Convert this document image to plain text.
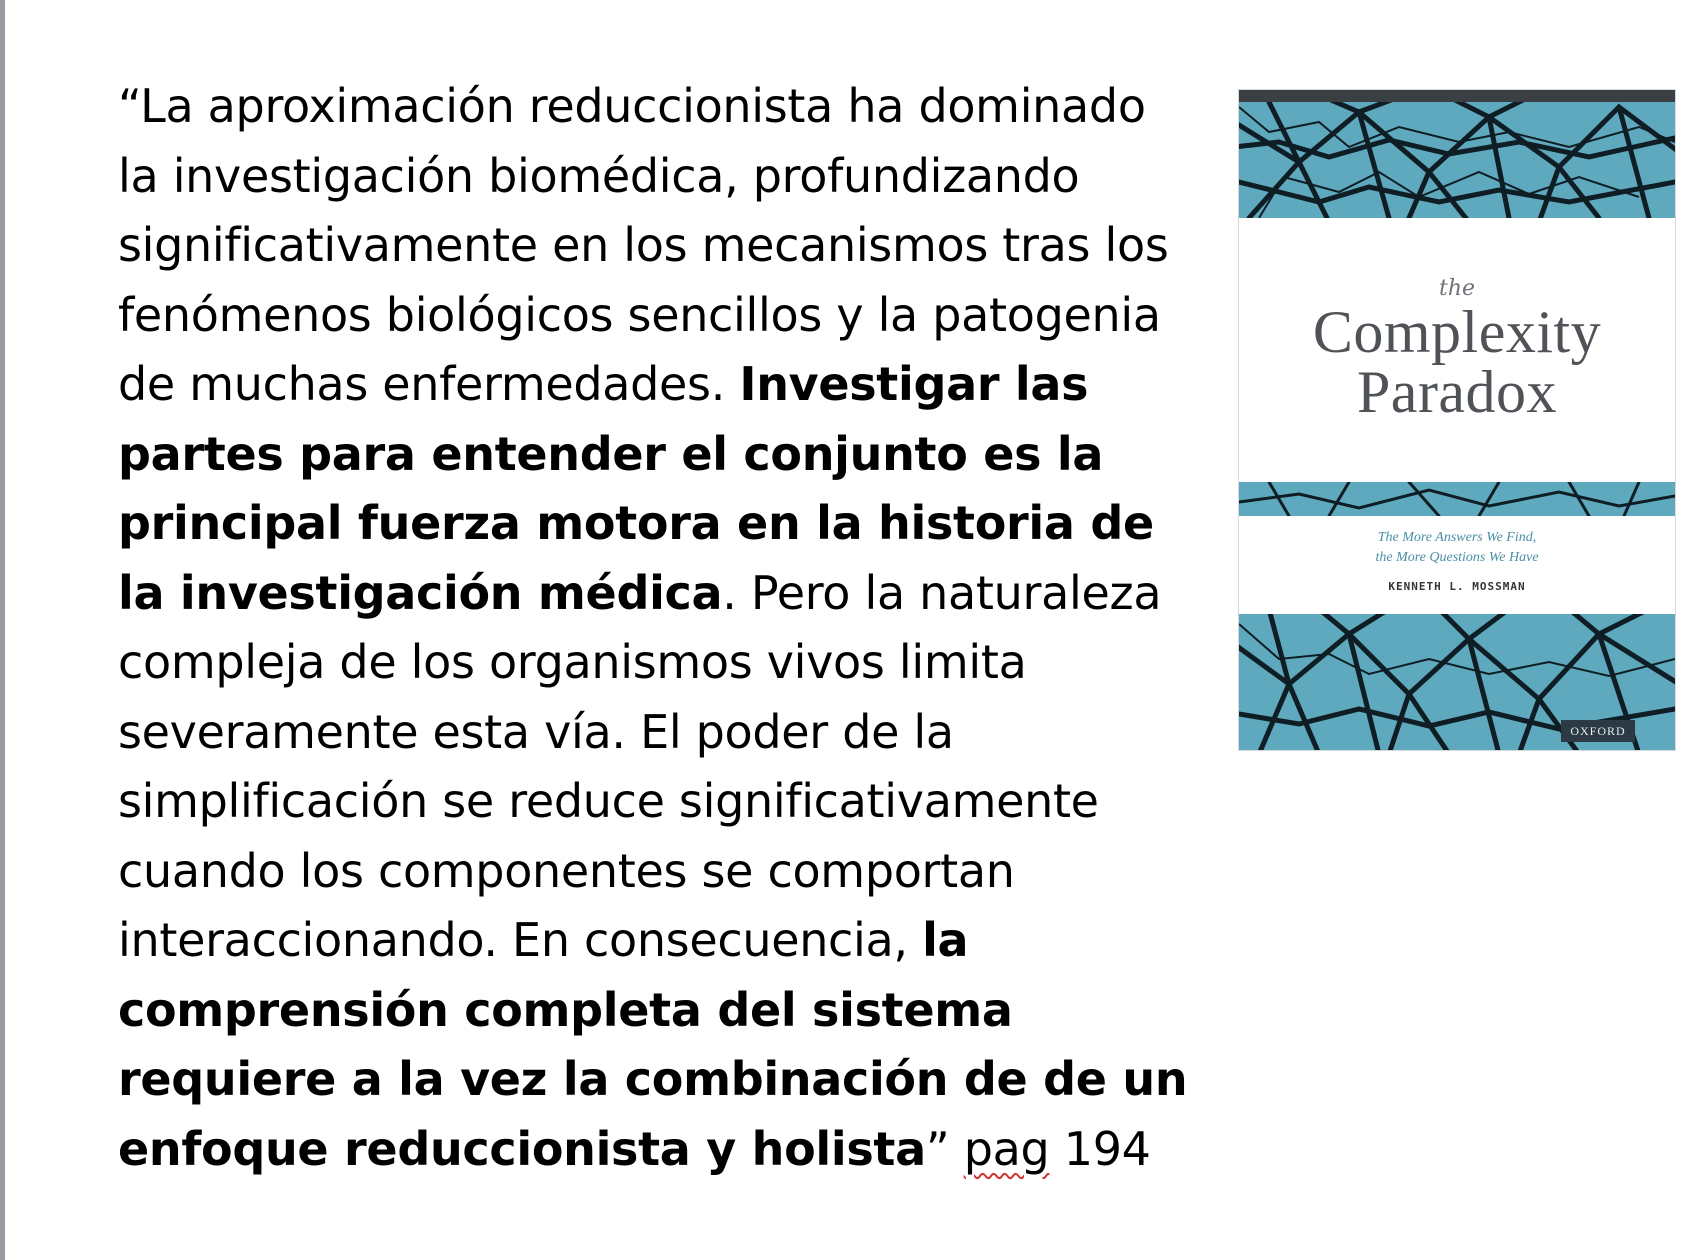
“La aproximación reduccionista ha dominado la investigación biomédica, profundizando significativamente en los mecanismos tras los fenómenos biológicos sencillos y la patogenia de muchas enfermedades. Investigar las partes para entender el conjunto es la principal fuerza motora en la historia de la investigación médica. Pero la naturaleza compleja de los organismos vivos limita severamente esta vía. El poder de la simplificación se reduce significativamente cuando los componentes se comportan interaccionando. En consecuencia, la comprensión completa del sistema requiere a la vez la combinación de de un enfoque reduccionista y holista” pag 194

the
Complexity
Paradox
The More Answers We Find,
the More Questions We Have
KENNETH L. MOSSMAN
OXFORD
